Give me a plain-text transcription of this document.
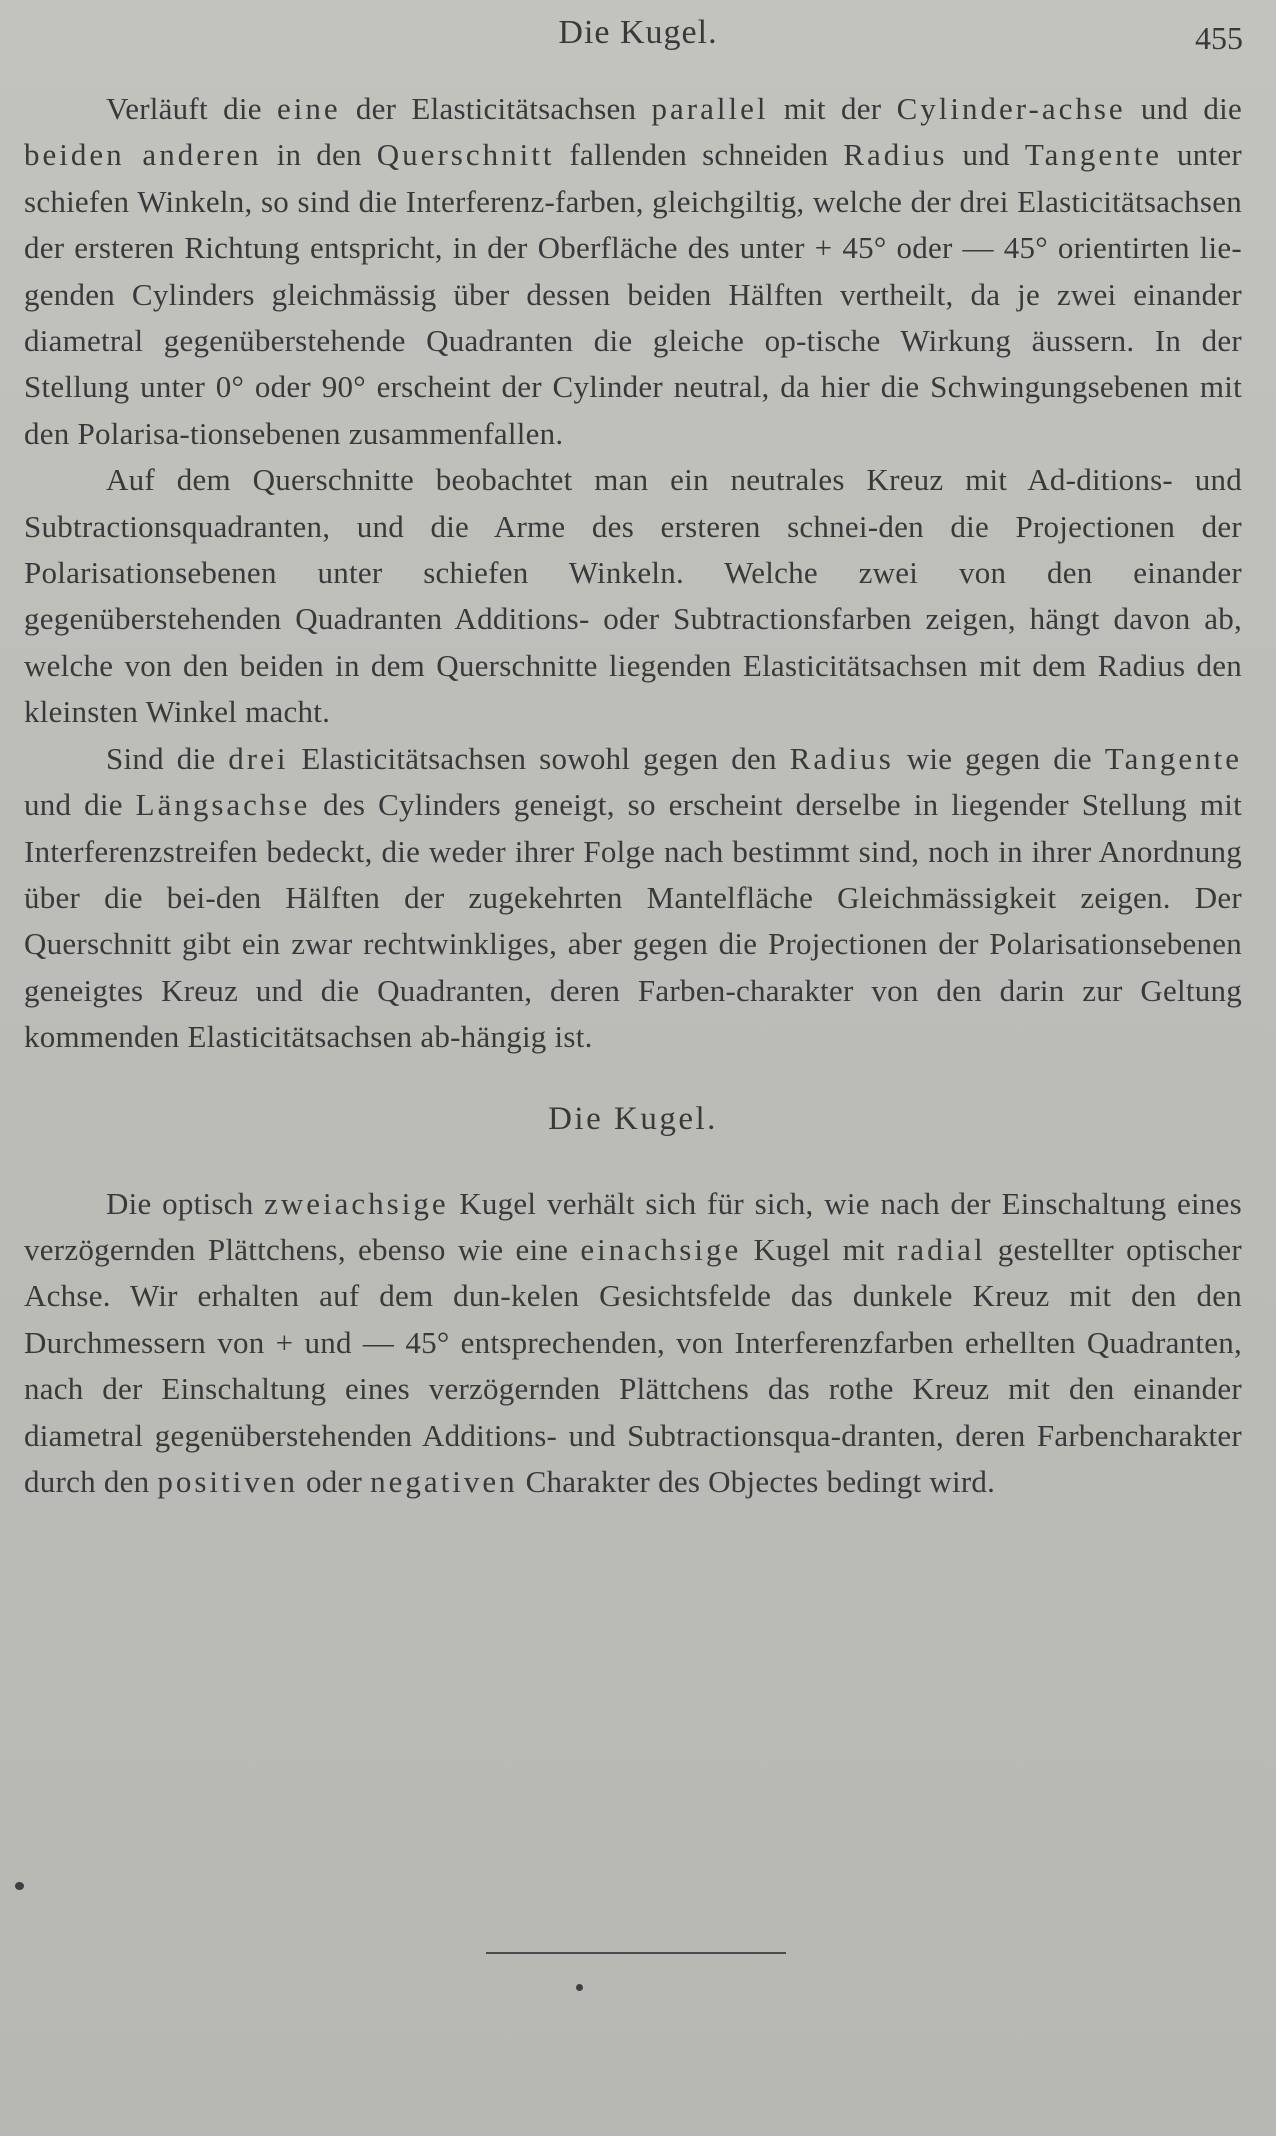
Die Kugel.	455

Verläuft die eine der Elasticitätsachsen parallel mit der Cylinder-achse und die beiden anderen in den Querschnitt fallenden schneiden Radius und Tangente unter schiefen Winkeln, so sind die Interferenz-farben, gleichgiltig, welche der drei Elasticitätsachsen der ersteren Richtung entspricht, in der Oberfläche des unter + 45° oder — 45° orientirten lie-genden Cylinders gleichmässig über dessen beiden Hälften vertheilt, da je zwei einander diametral gegenüberstehende Quadranten die gleiche op-tische Wirkung äussern. In der Stellung unter 0° oder 90° erscheint der Cylinder neutral, da hier die Schwingungsebenen mit den Polarisa-tionsebenen zusammenfallen.

Auf dem Querschnitte beobachtet man ein neutrales Kreuz mit Ad-ditions- und Subtractionsquadranten, und die Arme des ersteren schnei-den die Projectionen der Polarisationsebenen unter schiefen Winkeln. Welche zwei von den einander gegenüberstehenden Quadranten Additions- oder Subtractionsfarben zeigen, hängt davon ab, welche von den beiden in dem Querschnitte liegenden Elasticitätsachsen mit dem Radius den kleinsten Winkel macht.

Sind die drei Elasticitätsachsen sowohl gegen den Radius wie gegen die Tangente und die Längsachse des Cylinders geneigt, so erscheint derselbe in liegender Stellung mit Interferenzstreifen bedeckt, die weder ihrer Folge nach bestimmt sind, noch in ihrer Anordnung über die bei-den Hälften der zugekehrten Mantelfläche Gleichmässigkeit zeigen. Der Querschnitt gibt ein zwar rechtwinkliges, aber gegen die Projectionen der Polarisationsebenen geneigtes Kreuz und die Quadranten, deren Farben-charakter von den darin zur Geltung kommenden Elasticitätsachsen ab-hängig ist.

Die Kugel.

Die optisch zweiachsige Kugel verhält sich für sich, wie nach der Einschaltung eines verzögernden Plättchens, ebenso wie eine einachsige Kugel mit radial gestellter optischer Achse. Wir erhalten auf dem dun-kelen Gesichtsfelde das dunkele Kreuz mit den den Durchmessern von + und — 45° entsprechenden, von Interferenzfarben erhellten Quadranten, nach der Einschaltung eines verzögernden Plättchens das rothe Kreuz mit den einander diametral gegenüberstehenden Additions- und Subtractionsqua-dranten, deren Farbencharakter durch den positiven oder negativen Charakter des Objectes bedingt wird.
